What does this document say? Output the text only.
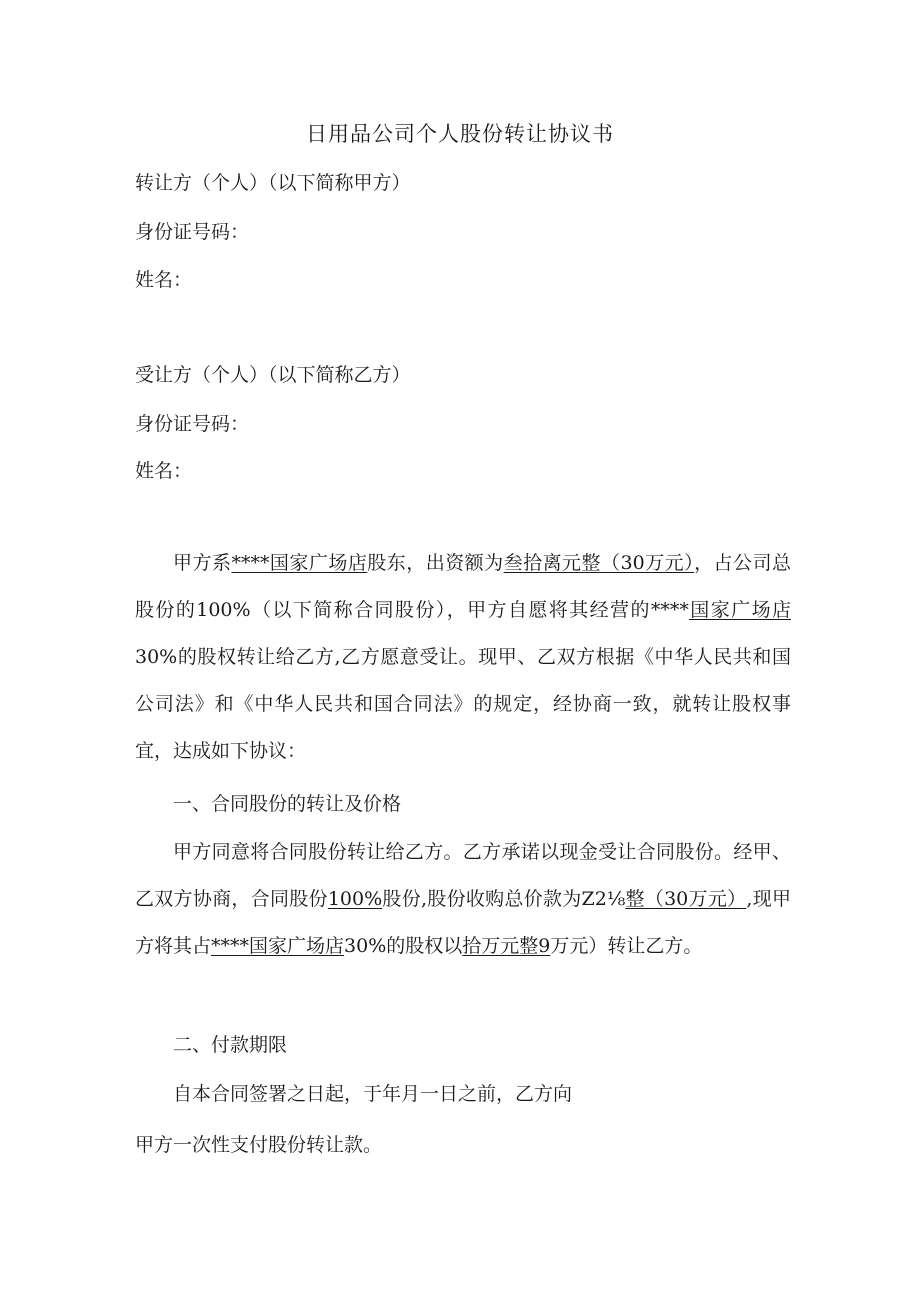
日用品公司个人股份转让协议书
转让方（个人）（以下简称甲方）
身份证号码：
姓名：
受让方（个人）（以下简称乙方）
身份证号码：
姓名：
甲方系****国家广场店股东，出资额为叁拾离元整（30万元），占公司总股份的100%（以下简称合同股份），甲方自愿将其经营的****国家广场店30%的股权转让给乙方,乙方愿意受让。现甲、乙双方根据《中华人民共和国公司法》和《中华人民共和国合同法》的规定，经协商一致，就转让股权事宜，达成如下协议：
一、合同股份的转让及价格
甲方同意将合同股份转让给乙方。乙方承诺以现金受让合同股份。经甲、乙双方协商，合同股份100%股份,股份收购总价款为Z2⅛整（30万元）,现甲方将其占****国家广场店30%的股权以拾万元整9万元）转让乙方。
二、付款期限
自本合同签署之日起，于年月一日之前，乙方向
甲方一次性支付股份转让款。
